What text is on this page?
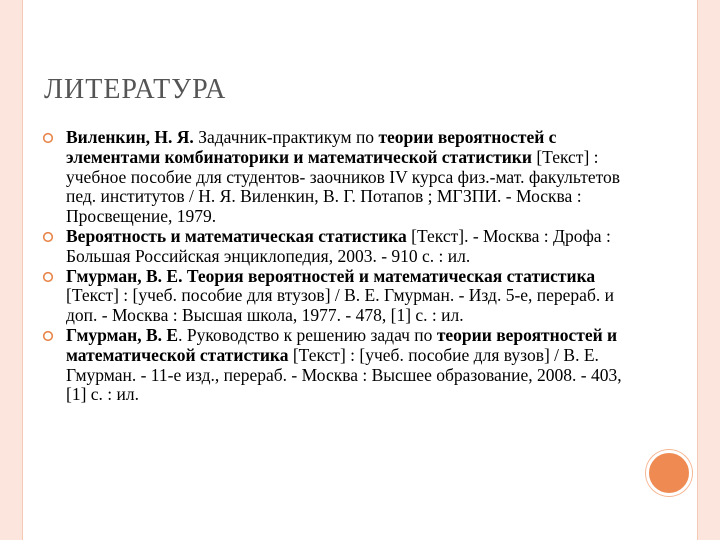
ЛИТЕРАТУРА
Виленкин, Н. Я. Задачник-практикум по теории вероятностей с элементами комбинаторики и математической статистики [Текст] : учебное пособие для студентов- заочников IV курса физ.-мат. факультетов пед. институтов / Н. Я. Виленкин, В. Г. Потапов ; МГЗПИ. - Москва : Просвещение, 1979.
Вероятность и математическая статистика [Текст]. - Москва : Дрофа : Большая Российская энциклопедия, 2003. - 910 с. : ил.
Гмурман, В. Е. Теория вероятностей и математическая статистика [Текст] : [учеб. пособие для втузов] / В. Е. Гмурман. - Изд. 5-е, перераб. и доп. - Москва : Высшая школа, 1977. - 478, [1] с. : ил.
Гмурман, В. Е. Руководство к решению задач по теории вероятностей и математической статистика [Текст] : [учеб. пособие для вузов] / В. Е. Гмурман. - 11-е изд., перераб. - Москва : Высшее образование, 2008. - 403, [1] с. : ил.
